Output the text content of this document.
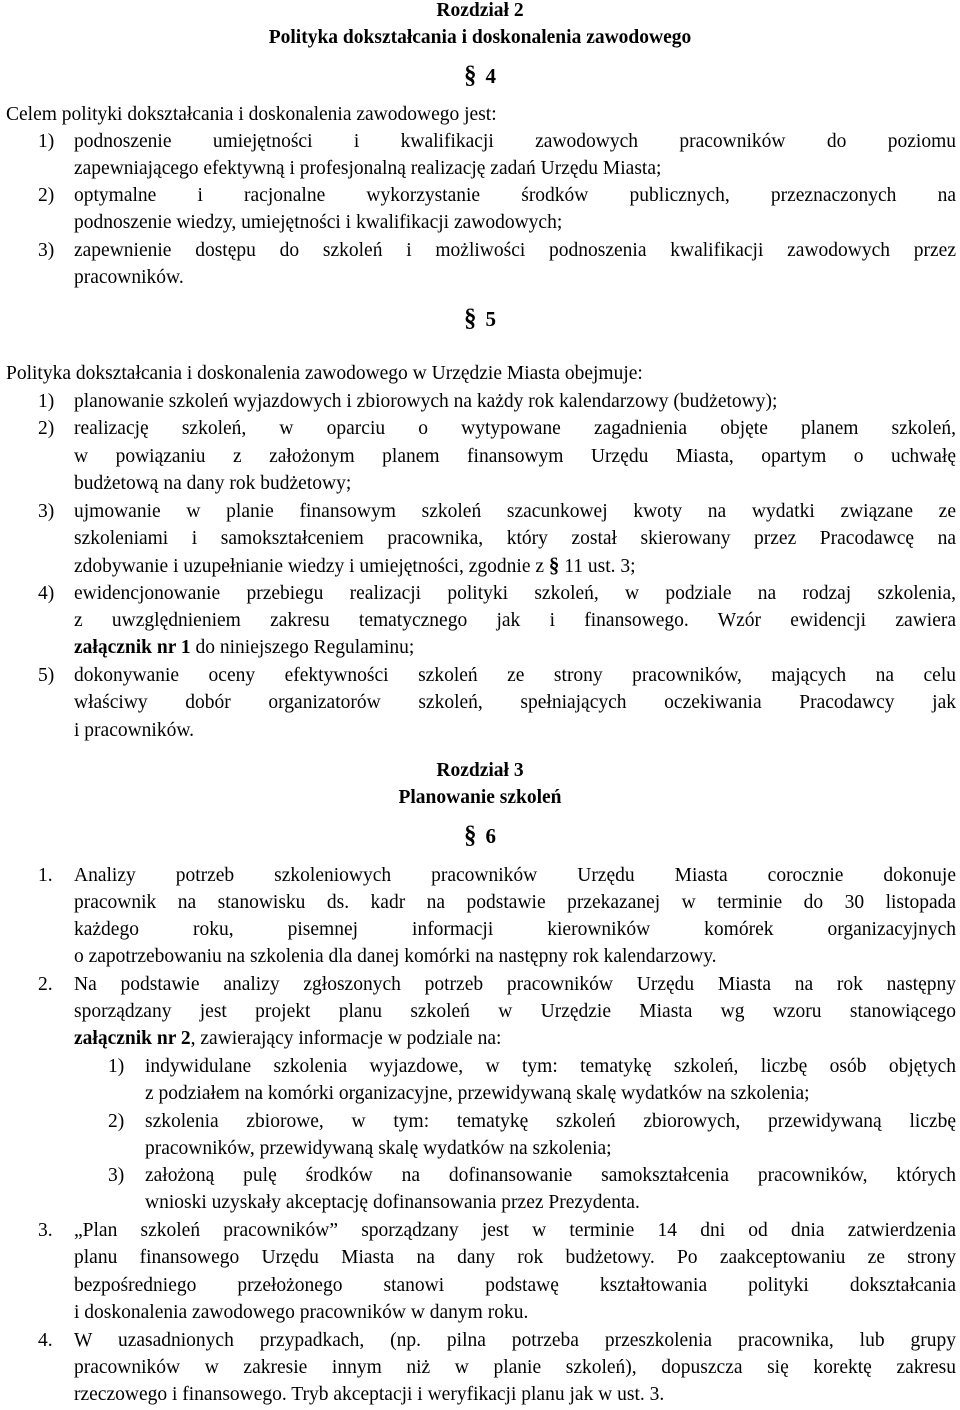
Rozdział 2
Polityka dokształcania i doskonalenia zawodowego
§ 4
Celem polityki dokształcania i doskonalenia zawodowego jest:
1) podnoszenie umiejętności i kwalifikacji zawodowych pracowników do poziomu
zapewniającego efektywną i profesjonalną realizację zadań Urzędu Miasta;
2) optymalne i racjonalne wykorzystanie środków publicznych, przeznaczonych na
podnoszenie wiedzy, umiejętności i kwalifikacji zawodowych;
3) zapewnienie dostępu do szkoleń i możliwości podnoszenia kwalifikacji zawodowych przez
pracowników.
§ 5
Polityka dokształcania i doskonalenia zawodowego w Urzędzie Miasta obejmuje:
1) planowanie szkoleń wyjazdowych i zbiorowych na każdy rok kalendarzowy (budżetowy);
2) realizację szkoleń, w oparciu o wytypowane zagadnienia objęte planem szkoleń,
w powiązaniu z założonym planem finansowym Urzędu Miasta, opartym o uchwałę
budżetową na dany rok budżetowy;
3) ujmowanie w planie finansowym szkoleń szacunkowej kwoty na wydatki związane ze
szkoleniami i samokształceniem pracownika, który został skierowany przez Pracodawcę na
zdobywanie i uzupełnianie wiedzy i umiejętności, zgodnie z § 11 ust. 3;
4) ewidencjonowanie przebiegu realizacji polityki szkoleń, w podziale na rodzaj szkolenia,
z uwzględnieniem zakresu tematycznego jak i finansowego. Wzór ewidencji zawiera
załącznik nr 1 do niniejszego Regulaminu;
5) dokonywanie oceny efektywności szkoleń ze strony pracowników, mających na celu
właściwy dobór organizatorów szkoleń, spełniających oczekiwania Pracodawcy jak
i pracowników.
Rozdział 3
Planowanie szkoleń
§ 6
1. Analizy potrzeb szkoleniowych pracowników Urzędu Miasta corocznie dokonuje
pracownik na stanowisku ds. kadr na podstawie przekazanej w terminie do 30 listopada
każdego roku, pisemnej informacji kierowników komórek organizacyjnych
o zapotrzebowaniu na szkolenia dla danej komórki na następny rok kalendarzowy.
2. Na podstawie analizy zgłoszonych potrzeb pracowników Urzędu Miasta na rok następny
sporządzany jest projekt planu szkoleń w Urzędzie Miasta wg wzoru stanowiącego
załącznik nr 2, zawierający informacje w podziale na:
1) indywidulane szkolenia wyjazdowe, w tym: tematykę szkoleń, liczbę osób objętych
z podziałem na komórki organizacyjne, przewidywaną skalę wydatków na szkolenia;
2) szkolenia zbiorowe, w tym: tematykę szkoleń zbiorowych, przewidywaną liczbę
pracowników, przewidywaną skalę wydatków na szkolenia;
3) założoną pulę środków na dofinansowanie samokształcenia pracowników, których
wnioski uzyskały akceptację dofinansowania przez Prezydenta.
3. „Plan szkoleń pracowników” sporządzany jest w terminie 14 dni od dnia zatwierdzenia
planu finansowego Urzędu Miasta na dany rok budżetowy. Po zaakceptowaniu ze strony
bezpośredniego przełożonego stanowi podstawę kształtowania polityki dokształcania
i doskonalenia zawodowego pracowników w danym roku.
4. W uzasadnionych przypadkach, (np. pilna potrzeba przeszkolenia pracownika, lub grupy
pracowników w zakresie innym niż w planie szkoleń), dopuszcza się korektę zakresu
rzeczowego i finansowego. Tryb akceptacji i weryfikacji planu jak w ust. 3.
